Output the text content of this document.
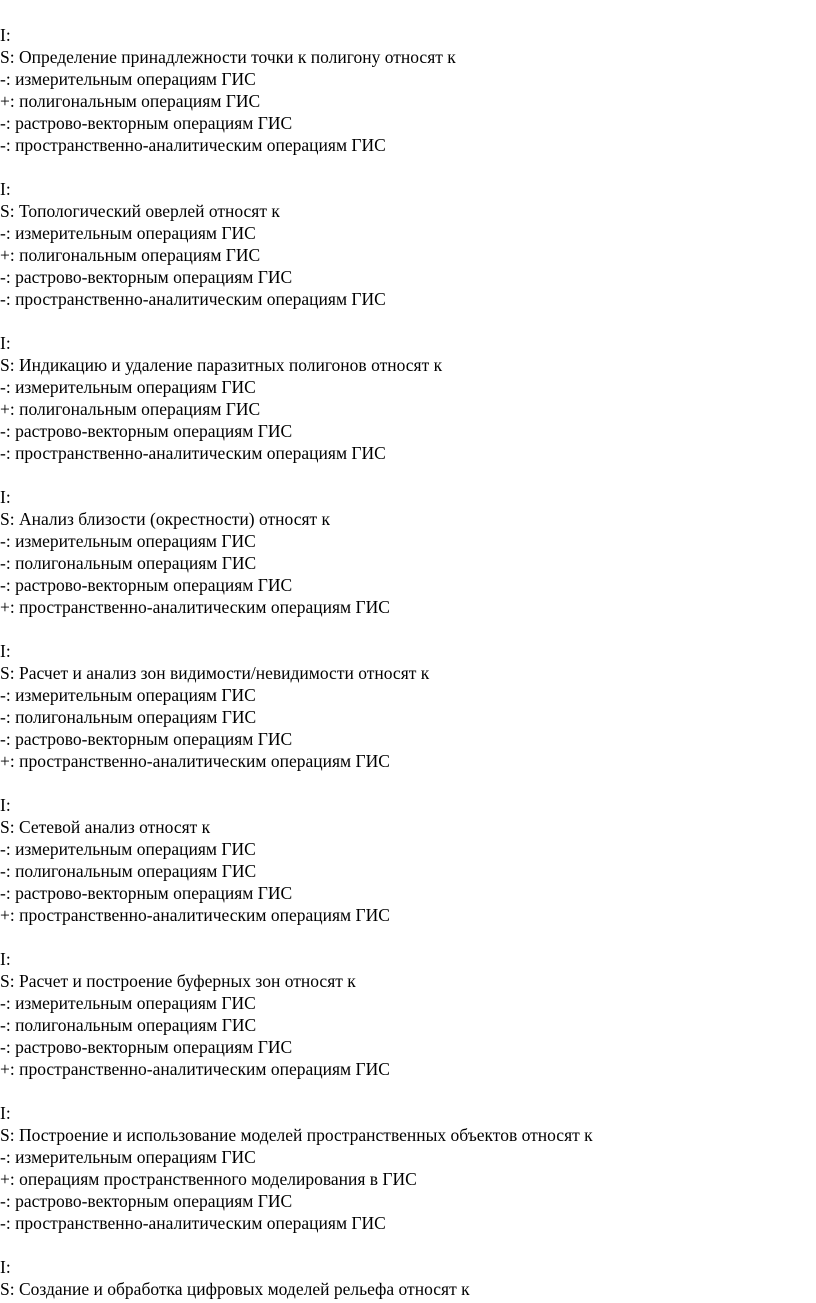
I:
S: Определение принадлежности точки к полигону относят к
-: измерительным операциям ГИС
+: полигональным операциям ГИС
-: растрово-векторным операциям ГИС
-: пространственно-аналитическим операциям ГИС
I:
S: Топологический оверлей относят к
-: измерительным операциям ГИС
+: полигональным операциям ГИС
-: растрово-векторным операциям ГИС
-: пространственно-аналитическим операциям ГИС
I:
S: Индикацию и удаление паразитных полигонов относят к
-: измерительным операциям ГИС
+: полигональным операциям ГИС
-: растрово-векторным операциям ГИС
-: пространственно-аналитическим операциям ГИС
I:
S: Анализ близости (окрестности) относят к
-: измерительным операциям ГИС
-: полигональным операциям ГИС
-: растрово-векторным операциям ГИС
+: пространственно-аналитическим операциям ГИС
I:
S: Расчет и анализ зон видимости/невидимости относят к
-: измерительным операциям ГИС
-: полигональным операциям ГИС
-: растрово-векторным операциям ГИС
+: пространственно-аналитическим операциям ГИС
I:
S: Сетевой анализ относят к
-: измерительным операциям ГИС
-: полигональным операциям ГИС
-: растрово-векторным операциям ГИС
+: пространственно-аналитическим операциям ГИС
I:
S: Расчет и построение буферных зон относят к
-: измерительным операциям ГИС
-: полигональным операциям ГИС
-: растрово-векторным операциям ГИС
+: пространственно-аналитическим операциям ГИС
I:
S: Построение и использование моделей пространственных объектов относят к
-: измерительным операциям ГИС
+: операциям пространственного моделирования в ГИС
-: растрово-векторным операциям ГИС
-: пространственно-аналитическим операциям ГИС
I:
S: Создание и обработка цифровых моделей рельефа относят к
